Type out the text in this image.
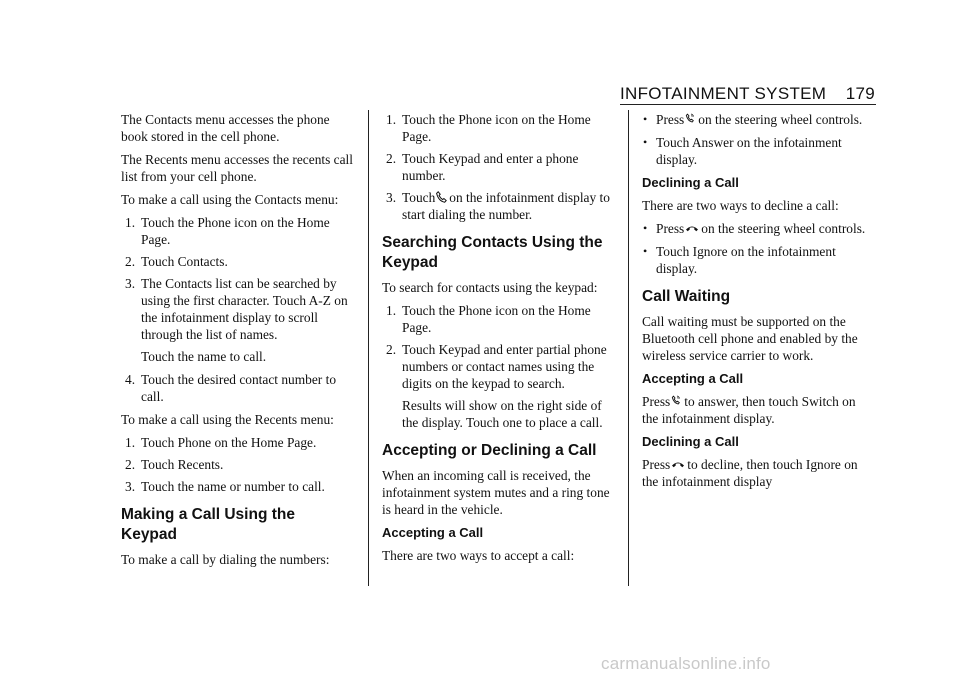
INFOTAINMENT SYSTEM 179

The Contacts menu accesses the phone book stored in the cell phone.

The Recents menu accesses the recents call list from your cell phone.

To make a call using the Contacts menu:

1. Touch the Phone icon on the Home Page.
2. Touch Contacts.
3. The Contacts list can be searched by using the first character. Touch A-Z on the infotainment display to scroll through the list of names.

Touch the name to call.

4. Touch the desired contact number to call.

To make a call using the Recents menu:

1. Touch Phone on the Home Page.
2. Touch Recents.
3. Touch the name or number to call.
Making a Call Using the Keypad

To make a call by dialing the numbers:

1. Touch the Phone icon on the Home Page.
2. Touch Keypad and enter a phone number.
3. Touch on the infotainment display to start dialing the number.
Searching Contacts Using the Keypad

To search for contacts using the keypad:

1. Touch the Phone icon on the Home Page.
2. Touch Keypad and enter partial phone numbers or contact names using the digits on the keypad to search.

Results will show on the right side of the display. Touch one to place a call.

Accepting or Declining a Call

When an incoming call is received, the infotainment system mutes and a ring tone is heard in the vehicle.

Accepting a Call

There are two ways to accept a call:

• Press on the steering wheel controls.
• Touch Answer on the infotainment display.
Declining a Call

There are two ways to decline a call:

• Press on the steering wheel controls.
• Touch Ignore on the infotainment display.
Call Waiting

Call waiting must be supported on the Bluetooth cell phone and enabled by the wireless service carrier to work.

Accepting a Call

Press to answer, then touch Switch on the infotainment display.

Declining a Call

Press to decline, then touch Ignore on the infotainment display

carmanualsonline.info
